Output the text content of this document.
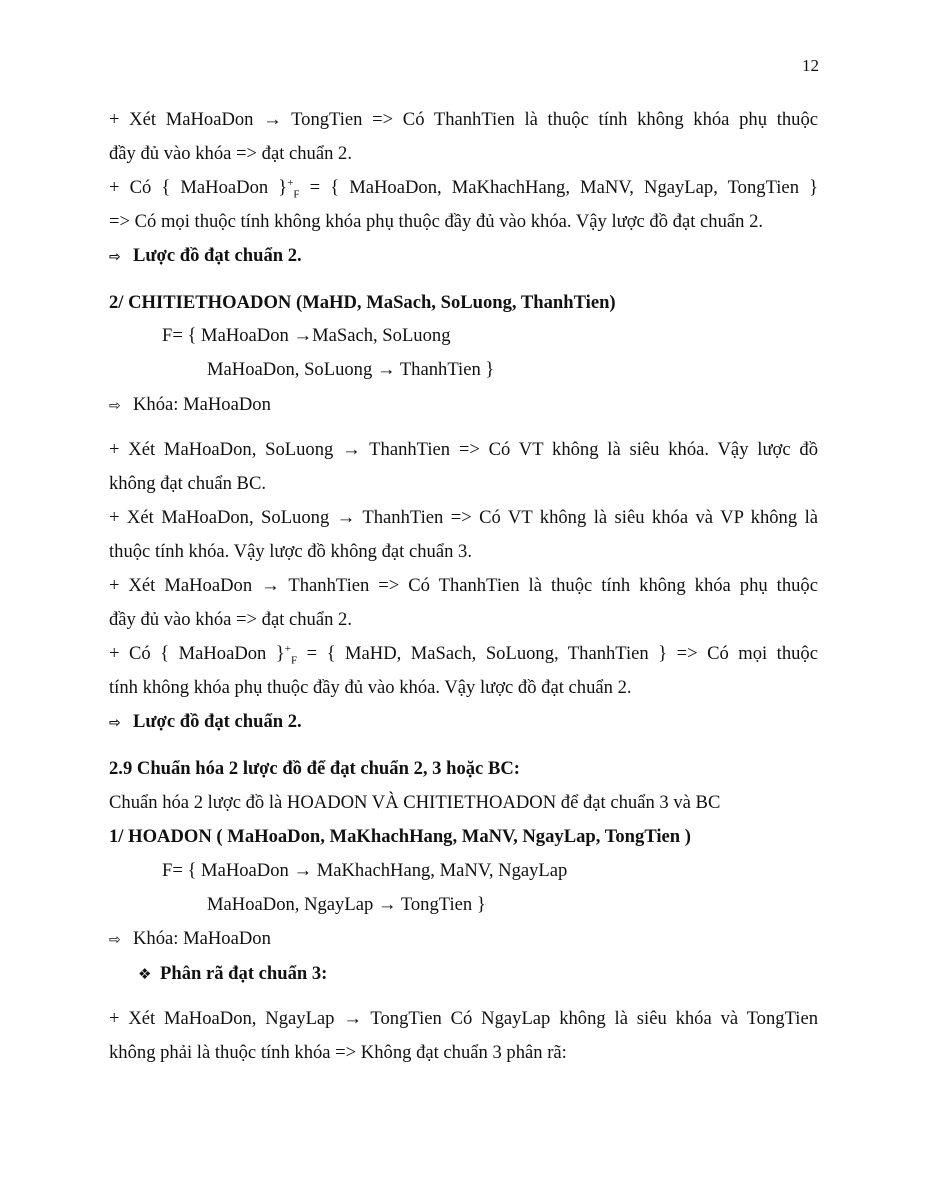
12
+ Xét MaHoaDon → TongTien => Có ThanhTien là thuộc tính không khóa phụ thuộc
đầy đủ vào khóa => đạt chuẩn 2.
+ Có { MaHoaDon }$^+_F$ = { MaHoaDon, MaKhachHang, MaNV, NgayLap, TongTien }
=> Có mọi thuộc tính không khóa phụ thuộc đầy đủ vào khóa. Vậy lược đồ đạt chuẩn 2.
⇨ Lược đồ đạt chuẩn 2.
2/ CHITIETHOADON (MaHD, MaSach, SoLuong, ThanhTien)
F= { MaHoaDon →MaSach, SoLuong
MaHoaDon, SoLuong → ThanhTien }
⇨ Khóa: MaHoaDon
+ Xét MaHoaDon, SoLuong → ThanhTien => Có VT không là siêu khóa. Vậy lược đồ
không đạt chuẩn BC.
+ Xét MaHoaDon, SoLuong → ThanhTien => Có VT không là siêu khóa và VP không là
thuộc tính khóa. Vậy lược đồ không đạt chuẩn 3.
+ Xét MaHoaDon → ThanhTien => Có ThanhTien là thuộc tính không khóa phụ thuộc
đầy đủ vào khóa => đạt chuẩn 2.
+ Có { MaHoaDon }$^+_F$ = { MaHD, MaSach, SoLuong, ThanhTien } => Có mọi thuộc
tính không khóa phụ thuộc đầy đủ vào khóa. Vậy lược đồ đạt chuẩn 2.
⇨ Lược đồ đạt chuẩn 2.
2.9 Chuẩn hóa 2 lược đồ để đạt chuẩn 2, 3 hoặc BC:
Chuẩn hóa 2 lược đồ là HOADON VÀ CHITIETHOADON để đạt chuẩn 3 và BC
1/ HOADON ( MaHoaDon, MaKhachHang, MaNV, NgayLap, TongTien )
F= { MaHoaDon → MaKhachHang, MaNV, NgayLap
MaHoaDon, NgayLap → TongTien }
⇨ Khóa: MaHoaDon
❖ Phân rã đạt chuẩn 3:
+ Xét MaHoaDon, NgayLap → TongTien Có NgayLap không là siêu khóa và TongTien
không phải là thuộc tính khóa => Không đạt chuẩn 3 phân rã:
